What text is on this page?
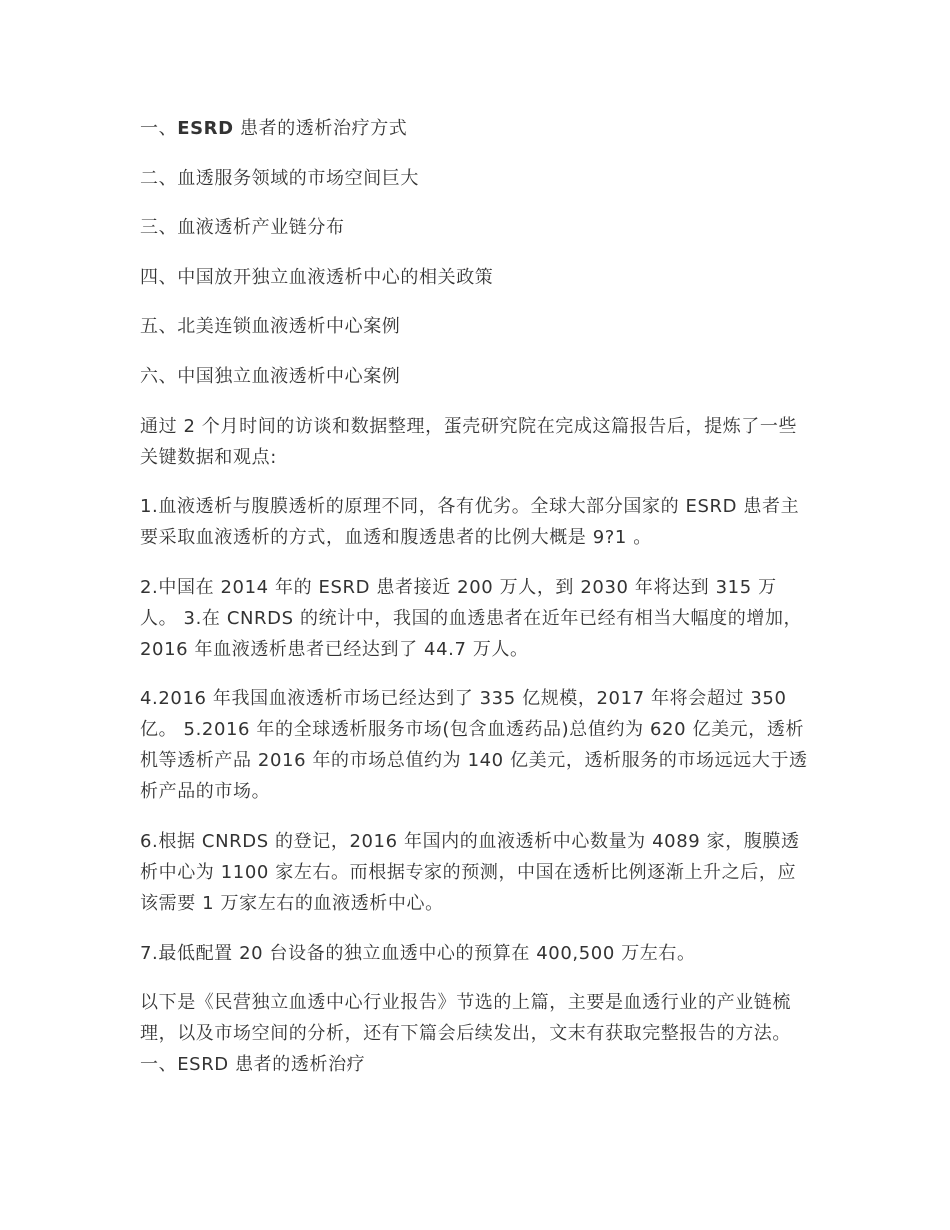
一、ESRD 患者的透析治疗方式
二、血透服务领域的市场空间巨大
三、血液透析产业链分布
四、中国放开独立血液透析中心的相关政策
五、北美连锁血液透析中心案例
六、中国独立血液透析中心案例

通过 2 个月时间的访谈和数据整理，蛋壳研究院在完成这篇报告后，提炼了一些关键数据和观点:

1.血液透析与腹膜透析的原理不同，各有优劣。全球大部分国家的 ESRD 患者主要采取血液透析的方式，血透和腹透患者的比例大概是 9?1 。

2.中国在 2014 年的 ESRD 患者接近 200 万人，到 2030 年将达到 315 万人。 3.在 CNRDS 的统计中，我国的血透患者在近年已经有相当大幅度的增加，2016 年血液透析患者已经达到了 44.7 万人。

4.2016 年我国血液透析市场已经达到了 335 亿规模，2017 年将会超过 350 亿。 5.2016 年的全球透析服务市场(包含血透药品)总值约为 620 亿美元，透析机等透析产品 2016 年的市场总值约为 140 亿美元，透析服务的市场远远大于透析产品的市场。

6.根据 CNRDS 的登记，2016 年国内的血液透析中心数量为 4089 家，腹膜透析中心为 1100 家左右。而根据专家的预测，中国在透析比例逐渐上升之后，应该需要 1 万家左右的血液透析中心。

7.最低配置 20 台设备的独立血透中心的预算在 400,500 万左右。

以下是《民营独立血透中心行业报告》节选的上篇，主要是血透行业的产业链梳理，以及市场空间的分析，还有下篇会后续发出，文末有获取完整报告的方法。 一、ESRD 患者的透析治疗
